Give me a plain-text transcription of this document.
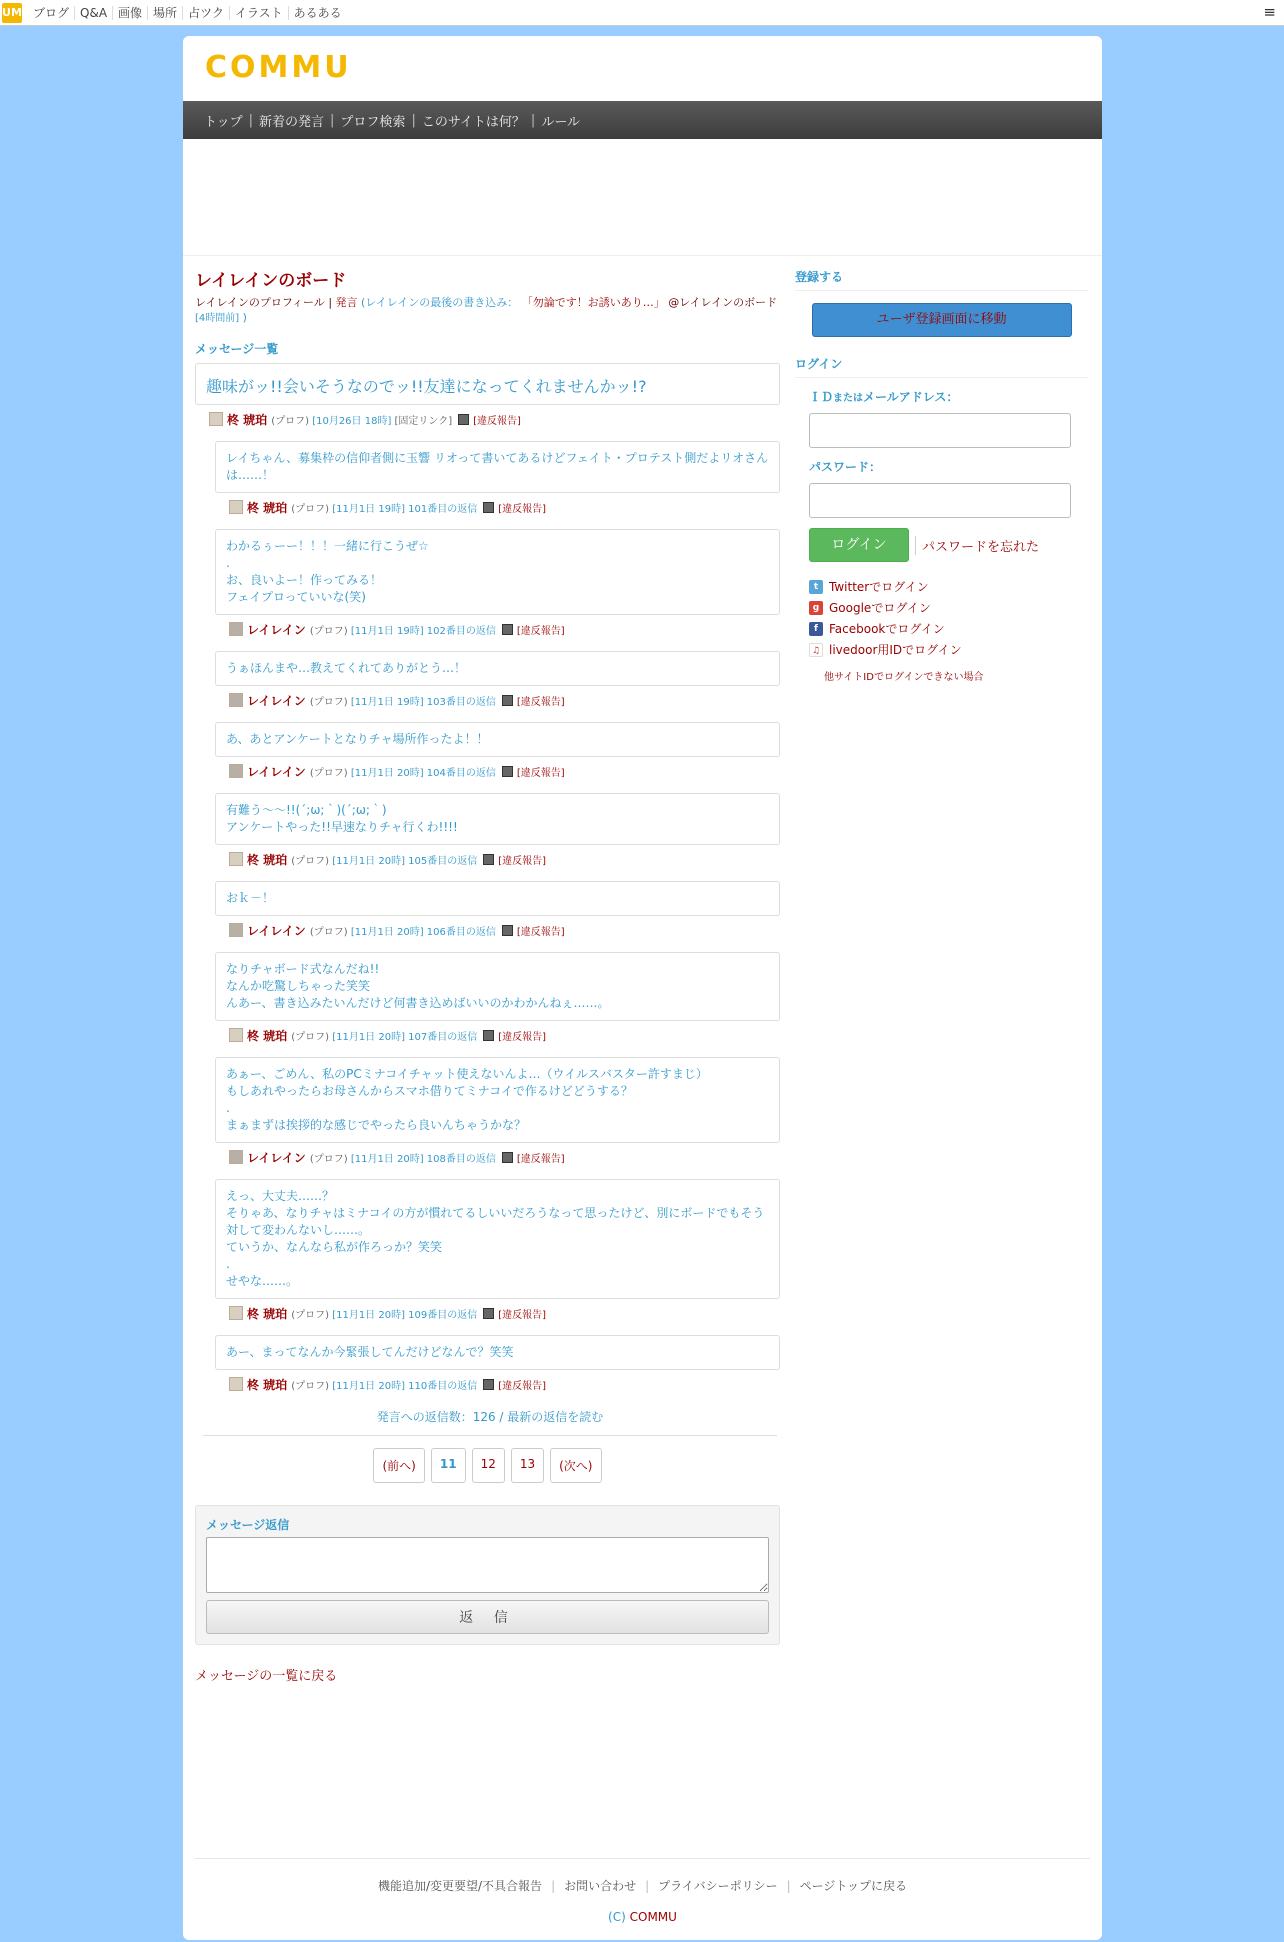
UM ブログ Q&A 画像 場所 占ツク イラスト あるある	≡
COMMU
トップ | 新着の発言 | プロフ検索 | このサイトは何？ | ルール
レイレインのボード
レイレインのプロフィール | 発言 (レイレインの最後の書き込み： 「勿論です！お誘いあり…」 @レイレインのボード [4時間前] )
メッセージ一覧
趣味がッ!!会いそうなのでッ!!友達になってくれませんかッ!?
柊 琥珀 (プロフ)
[10月26日 18時]
[固定リンク] [違反報告]
レイちゃん、募集枠の信仰者側に玉響 リオって書いてあるけどフェイト・プロテスト側だよリオさんは……！
柊 琥珀 (プロフ)
[11月1日 19時] 101番目の返信 [違反報告]
わかるぅーー！！！一緒に行こうぜ☆
.
お、良いよー！作ってみる！
フェイプロっていいな(笑)
レイレイン (プロフ)
[11月1日 19時] 102番目の返信 [違反報告]
うぁほんまや…教えてくれてありがとう…！
レイレイン (プロフ)
[11月1日 19時] 103番目の返信 [違反報告]
あ、あとアンケートとなりチャ場所作ったよ！！
レイレイン (プロフ)
[11月1日 20時] 104番目の返信 [違反報告]
有難う～～!!(´;ω;｀)(´;ω;｀)
アンケートやった!!早速なりチャ行くわ!!!!
柊 琥珀 (プロフ)
[11月1日 20時] 105番目の返信 [違反報告]
おｋ－！
レイレイン (プロフ)
[11月1日 20時] 106番目の返信 [違反報告]
なりチャボード式なんだね!!
なんか吃驚しちゃった笑笑
んあー、書き込みたいんだけど何書き込めばいいのかわかんねぇ……。
柊 琥珀 (プロフ)
[11月1日 20時] 107番目の返信 [違反報告]
あぁー、ごめん、私のPCミナコイチャット使えないんよ…（ウイルスバスター許すまじ）
もしあれやったらお母さんからスマホ借りてミナコイで作るけどどうする？
.
まぁまずは挨拶的な感じでやったら良いんちゃうかな？
レイレイン (プロフ)
[11月1日 20時] 108番目の返信 [違反報告]
えっ、大丈夫……？
そりゃあ、なりチャはミナコイの方が慣れてるしいいだろうなって思ったけど、別にボードでもそう対して変わんないし……。
ていうか、なんなら私が作ろっか？笑笑
.
せやな……。
柊 琥珀 (プロフ)
[11月1日 20時] 109番目の返信 [違反報告]
あー、まってなんか今緊張してんだけどなんで？笑笑
柊 琥珀 (プロフ)
[11月1日 20時] 110番目の返信 [違反報告]
発言への返信数：126 / 最新の返信を読む
(前へ)	11	12	13	(次へ)
メッセージ返信
返 信
メッセージの一覧に戻る
登録する
ユーザ登録画面に移動
ログイン
ＩＤまたはメールアドレス：
パスワード：
ログイン	パスワードを忘れた
t Twitterでログイン
g Googleでログイン
f Facebookでログイン
♫ livedoor用IDでログイン
他サイトIDでログインできない場合
機能追加/変更要望/不具合報告 | お問い合わせ | プライバシーポリシー | ページトップに戻る
(C) COMMU
